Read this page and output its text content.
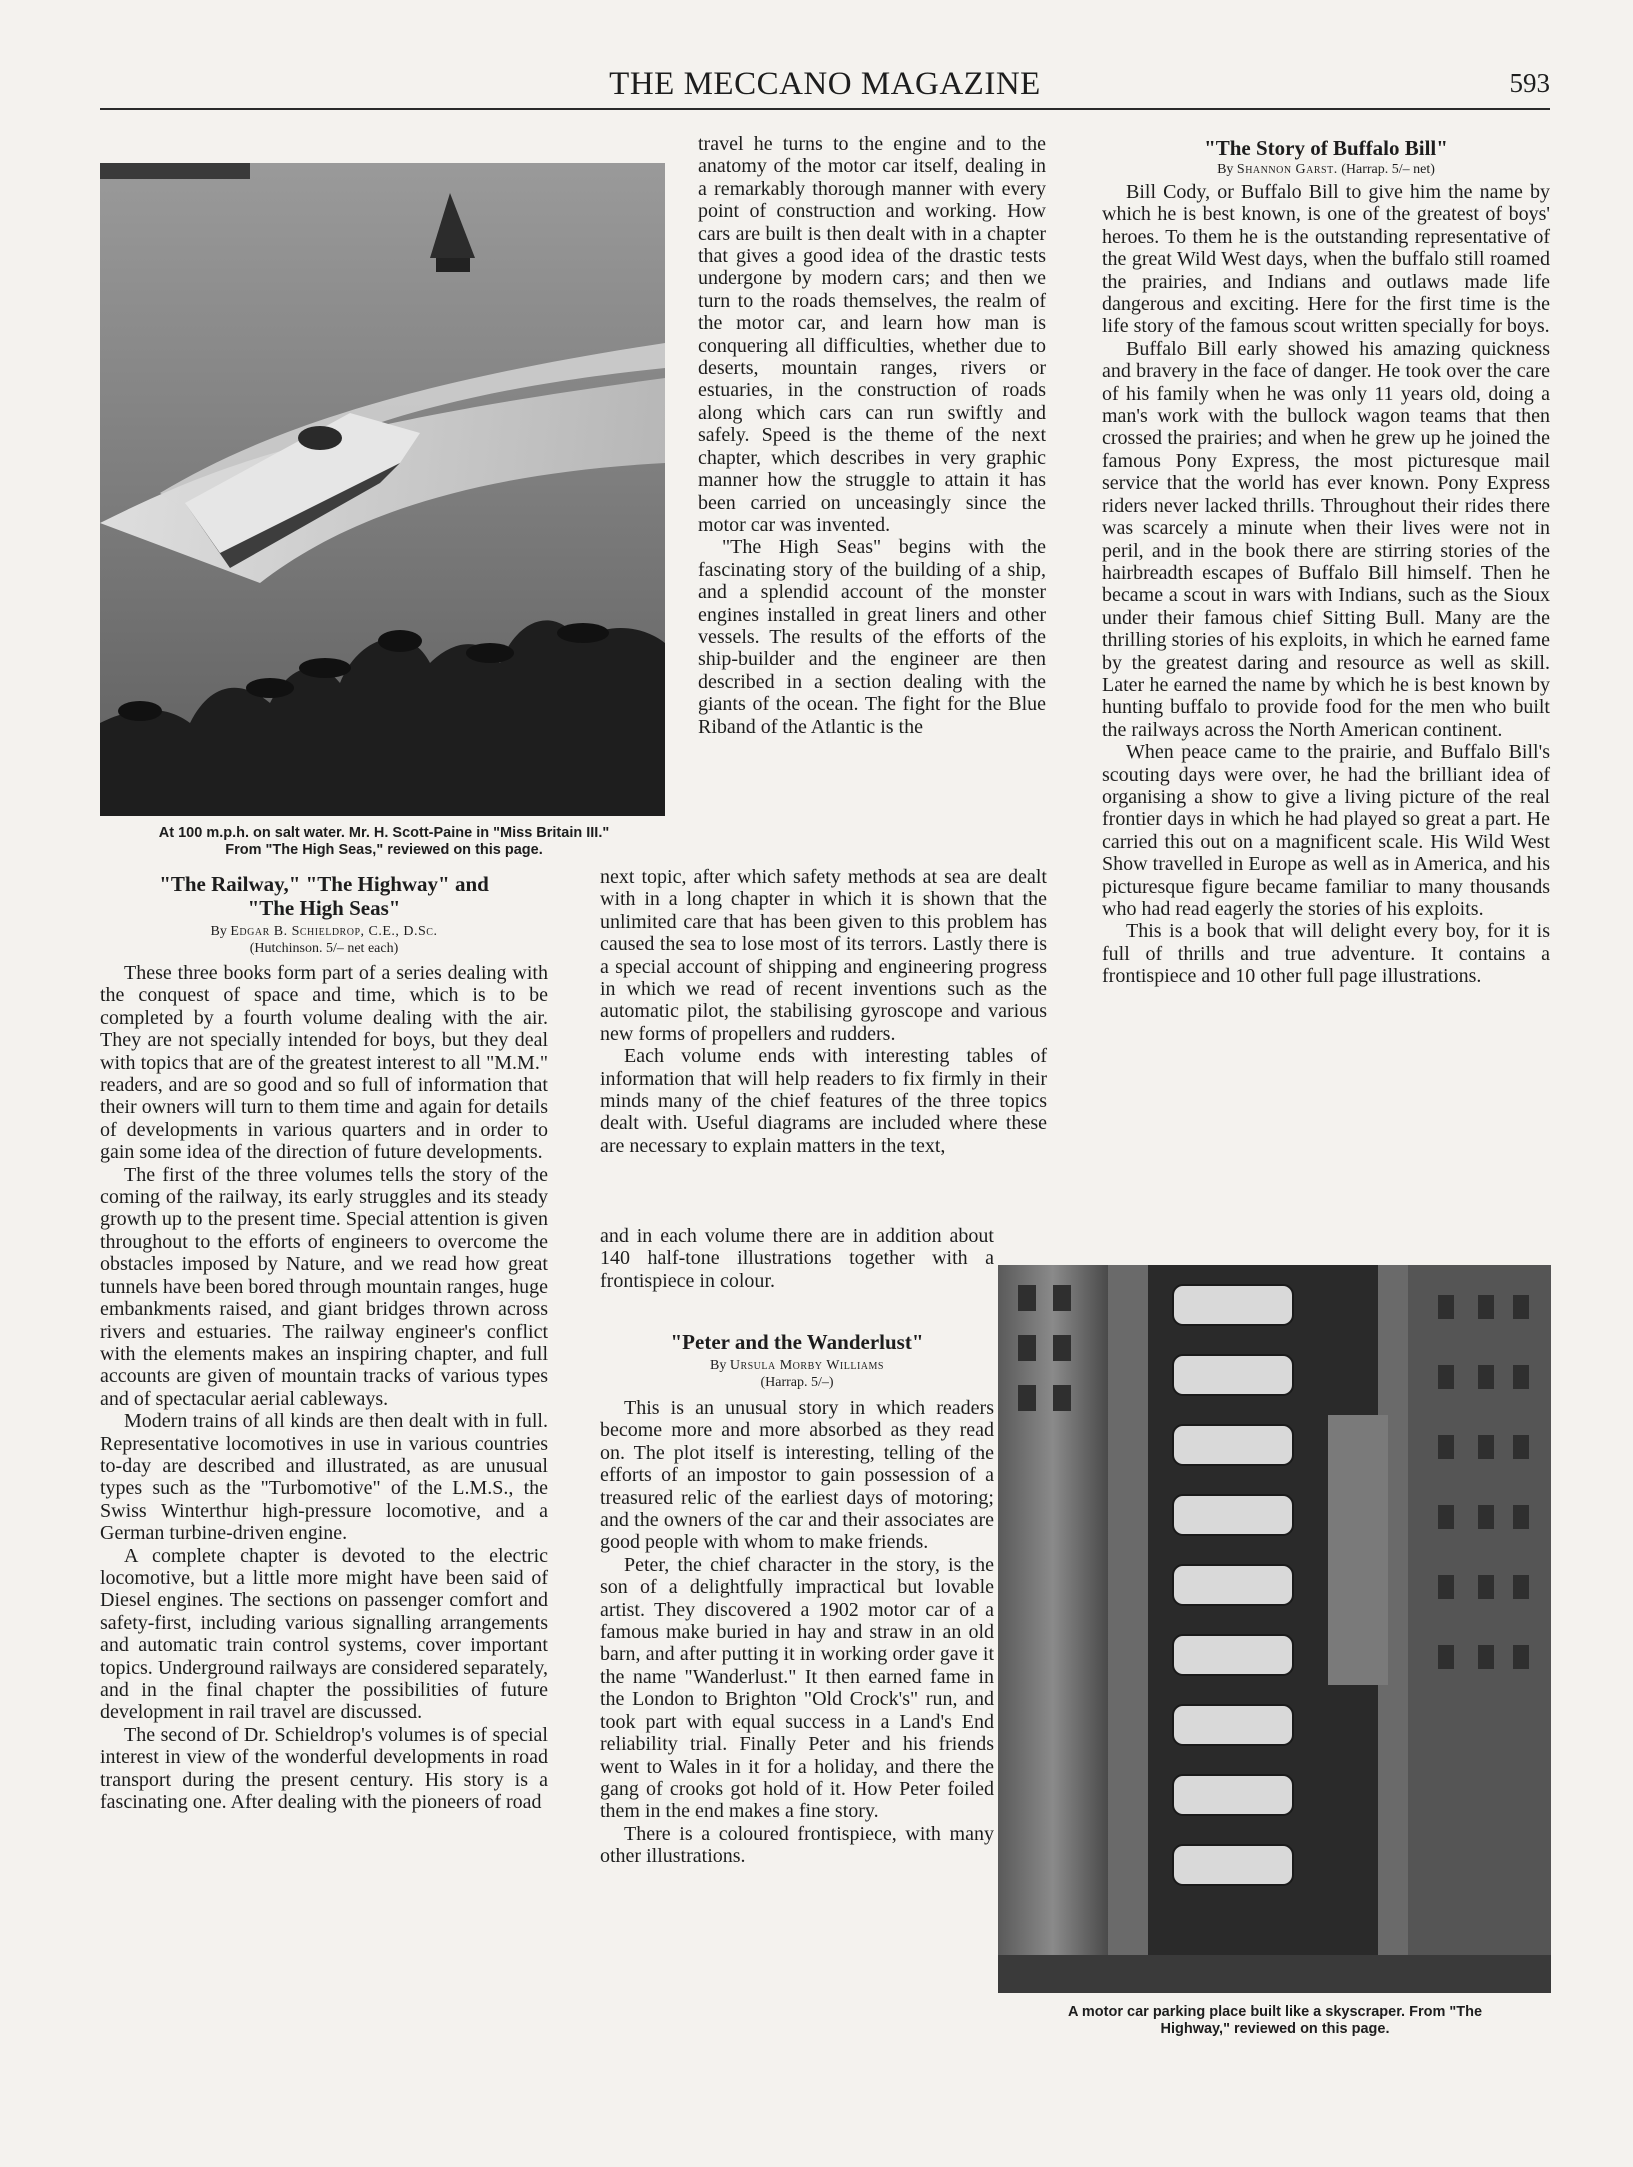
THE MECCANO MAGAZINE	593
At 100 m.p.h. on salt water. Mr. H. Scott-Paine in "Miss Britain III."
From "The High Seas," reviewed on this page.
"The Railway," "The Highway" and
"The High Seas"
By Edgar B. Schieldrop, C.E., D.Sc.
(Hutchinson. 5/– net each)

These three books form part of a series dealing with the conquest of space and time, which is to be completed by a fourth volume dealing with the air. They are not specially intended for boys, but they deal with topics that are of the greatest interest to all "M.M." readers, and are so good and so full of information that their owners will turn to them time and again for details of developments in various quarters and in order to gain some idea of the direction of future developments.

The first of the three volumes tells the story of the coming of the railway, its early struggles and its steady growth up to the present time. Special attention is given throughout to the efforts of engineers to overcome the obstacles imposed by Nature, and we read how great tunnels have been bored through mountain ranges, huge embankments raised, and giant bridges thrown across rivers and estuaries. The railway engineer's conflict with the elements makes an inspiring chapter, and full accounts are given of mountain tracks of various types and of spectacular aerial cableways.

Modern trains of all kinds are then dealt with in full. Representative locomotives in use in various countries to-day are described and illustrated, as are unusual types such as the "Turbomotive" of the L.M.S., the Swiss Winterthur high-pressure locomotive, and a German turbine-driven engine.

A complete chapter is devoted to the electric locomotive, but a little more might have been said of Diesel engines. The sections on passenger comfort and safety-first, including various signalling arrangements and automatic train control systems, cover important topics. Underground railways are considered separately, and in the final chapter the possibilities of future development in rail travel are discussed.

The second of Dr. Schieldrop's volumes is of special interest in view of the wonderful developments in road transport during the present century. His story is a fascinating one. After dealing with the pioneers of road

travel he turns to the engine and to the anatomy of the motor car itself, dealing in a remarkably thorough manner with every point of construction and working. How cars are built is then dealt with in a chapter that gives a good idea of the drastic tests undergone by modern cars; and then we turn to the roads themselves, the realm of the motor car, and learn how man is conquering all difficulties, whether due to deserts, mountain ranges, rivers or estuaries, in the construction of roads along which cars can run swiftly and safely. Speed is the theme of the next chapter, which describes in very graphic manner how the struggle to attain it has been carried on unceasingly since the motor car was invented.

"The High Seas" begins with the fascinating story of the building of a ship, and a splendid account of the monster engines installed in great liners and other vessels. The results of the efforts of the ship-builder and the engineer are then described in a section dealing with the giants of the ocean. The fight for the Blue Riband of the Atlantic is the

next topic, after which safety methods at sea are dealt with in a long chapter in which it is shown that the unlimited care that has been given to this problem has caused the sea to lose most of its terrors. Lastly there is a special account of shipping and engineering progress in which we read of recent inventions such as the automatic pilot, the stabilising gyroscope and various new forms of propellers and rudders.

Each volume ends with interesting tables of information that will help readers to fix firmly in their minds many of the chief features of the three topics dealt with. Useful diagrams are included where these are necessary to explain matters in the text,

and in each volume there are in addition about 140 half-tone illustrations together with a frontispiece in colour.

"Peter and the Wanderlust"
By Ursula Morby Williams
(Harrap. 5/–)

This is an unusual story in which readers become more and more absorbed as they read on. The plot itself is interesting, telling of the efforts of an impostor to gain possession of a treasured relic of the earliest days of motoring; and the owners of the car and their associates are good people with whom to make friends.

Peter, the chief character in the story, is the son of a delightfully impractical but lovable artist. They discovered a 1902 motor car of a famous make buried in hay and straw in an old barn, and after putting it in working order gave it the name "Wanderlust." It then earned fame in the London to Brighton "Old Crock's" run, and took part with equal success in a Land's End reliability trial. Finally Peter and his friends went to Wales in it for a holiday, and there the gang of crooks got hold of it. How Peter foiled them in the end makes a fine story.

There is a coloured frontispiece, with many other illustrations.

"The Story of Buffalo Bill"
By Shannon Garst. (Harrap. 5/– net)

Bill Cody, or Buffalo Bill to give him the name by which he is best known, is one of the greatest of boys' heroes. To them he is the outstanding representative of the great Wild West days, when the buffalo still roamed the prairies, and Indians and outlaws made life dangerous and exciting. Here for the first time is the life story of the famous scout written specially for boys.

Buffalo Bill early showed his amazing quickness and bravery in the face of danger. He took over the care of his family when he was only 11 years old, doing a man's work with the bullock wagon teams that then crossed the prairies; and when he grew up he joined the famous Pony Express, the most picturesque mail service that the world has ever known. Pony Express riders never lacked thrills. Throughout their rides there was scarcely a minute when their lives were not in peril, and in the book there are stirring stories of the hairbreadth escapes of Buffalo Bill himself. Then he became a scout in wars with Indians, such as the Sioux under their famous chief Sitting Bull. Many are the thrilling stories of his exploits, in which he earned fame by the greatest daring and resource as well as skill. Later he earned the name by which he is best known by hunting buffalo to provide food for the men who built the railways across the North American continent.

When peace came to the prairie, and Buffalo Bill's scouting days were over, he had the brilliant idea of organising a show to give a living picture of the real frontier days in which he had played so great a part. He carried this out on a magnificent scale. His Wild West Show travelled in Europe as well as in America, and his picturesque figure became familiar to many thousands who had read eagerly the stories of his exploits.

This is a book that will delight every boy, for it is full of thrills and true adventure. It contains a frontispiece and 10 other full page illustrations.

A motor car parking place built like a skyscraper. From "The
Highway," reviewed on this page.
